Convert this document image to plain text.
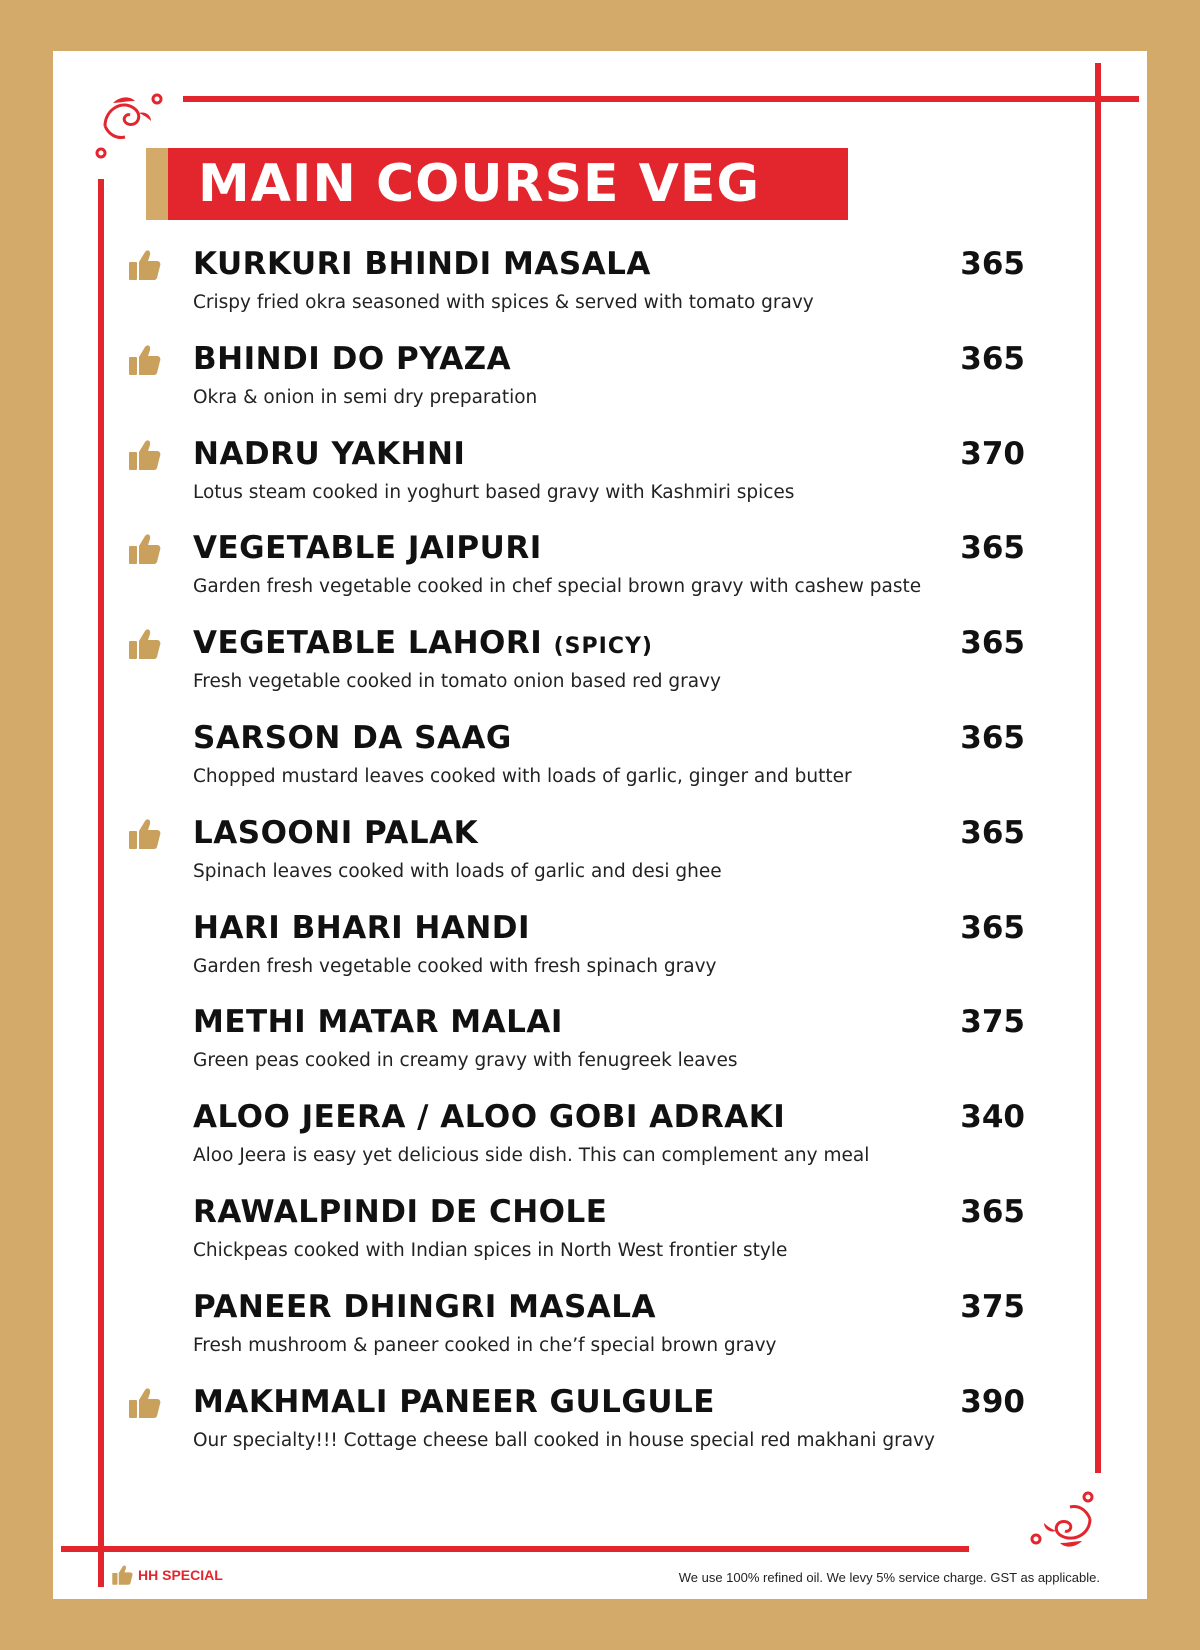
MAIN COURSE VEG
KURKURI BHINDI MASALA	365
Crispy fried okra seasoned with spices & served with tomato gravy
BHINDI DO PYAZA	365
Okra & onion in semi dry preparation
NADRU YAKHNI	370
Lotus steam cooked in yoghurt based gravy with Kashmiri spices
VEGETABLE JAIPURI	365
Garden fresh vegetable cooked in chef special brown gravy with cashew paste
VEGETABLE LAHORI (SPICY)	365
Fresh vegetable cooked in tomato onion based red gravy
SARSON DA SAAG	365
Chopped mustard leaves cooked with loads of garlic, ginger and butter
LASOONI PALAK	365
Spinach leaves cooked with loads of garlic and desi ghee
HARI BHARI HANDI	365
Garden fresh vegetable cooked with fresh spinach gravy
METHI MATAR MALAI	375
Green peas cooked in creamy gravy with fenugreek leaves
ALOO JEERA / ALOO GOBI ADRAKI	340
Aloo Jeera is easy yet delicious side dish. This can complement any meal
RAWALPINDI DE CHOLE	365
Chickpeas cooked with Indian spices in North West frontier style
PANEER DHINGRI MASALA	375
Fresh mushroom & paneer cooked in che’f special brown gravy
MAKHMALI PANEER GULGULE	390
Our specialty!!! Cottage cheese ball cooked in house special red makhani gravy
HH SPECIAL	We use 100% refined oil. We levy 5% service charge. GST as applicable.
